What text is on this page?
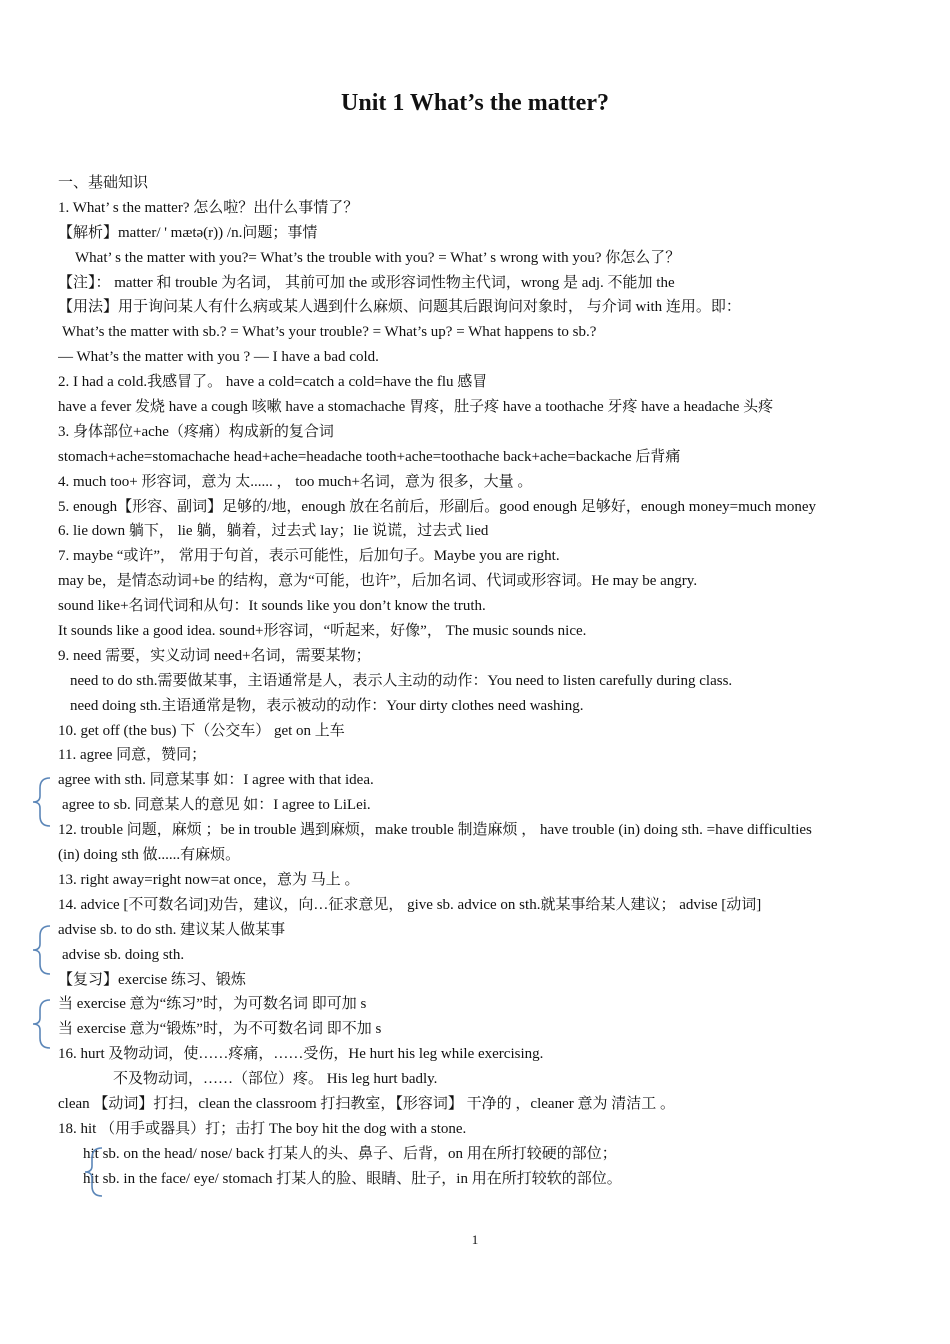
Unit 1 What’s the matter?
一、基础知识
1. What’ s the matter? 怎么啦？出什么事情了？
【解析】matter/ ' mætə(r)) /n.问题；事情
What’ s the matter with you?= What’s the trouble with you? = What’ s wrong with you? 你怎么了？
【注】： matter 和 trouble 为名词， 其前可加 the 或形容词性物主代词，wrong 是 adj. 不能加 the
【用法】用于询问某人有什么病或某人遇到什么麻烦、问题其后跟询问对象时， 与介词 with 连用。即：
What’s the matter with sb.? = What’s your trouble? = What’s up? = What happens to sb.?
— What’s the matter with you ? — I have a bad cold.
2. I had a cold.我感冒了。 have a cold=catch a cold=have the flu 感冒
have a fever 发烧 have a cough 咳嗽 have a stomachache 胃疼，肚子疼 have a toothache 牙疼 have a headache 头疼
3. 身体部位+ache（疼痛）构成新的复合词
stomach+ache=stomachache head+ache=headache tooth+ache=toothache back+ache=backache 后背痛
4. much too+ 形容词，意为 太...... ， too much+名词，意为 很多，大量 。
5. enough【形容、副词】足够的/地，enough 放在名前后，形副后。good enough 足够好，enough money=much money
6. lie down 躺下， lie 躺，躺着，过去式 lay；lie 说谎，过去式 lied
7. maybe “或许”， 常用于句首，表示可能性，后加句子。Maybe you are right.
may be，是情态动词+be 的结构，意为“可能，也许”，后加名词、代词或形容词。He may be angry.
sound like+名词代词和从句：It sounds like you don’t know the truth.
It sounds like a good idea. sound+形容词，“听起来，好像”， The music sounds nice.
9. need 需要，实义动词 need+名词，需要某物；
need to do sth.需要做某事，主语通常是人，表示人主动的动作：You need to listen carefully during class.
need doing sth.主语通常是物，表示被动的动作：Your dirty clothes need washing.
10. get off (the bus) 下（公交车） get on 上车
11. agree 同意，赞同；
agree with sth. 同意某事 如：I agree with that idea.
agree to sb. 同意某人的意见 如：I agree to LiLei.
12. trouble 问题，麻烦 ；be in trouble 遇到麻烦，make trouble 制造麻烦 ， have trouble (in) doing sth. =have difficulties
(in) doing sth 做......有麻烦。
13. right away=right now=at once，意为 马上 。
14. advice [不可数名词]劝告，建议，向…征求意见， give sb. advice on sth.就某事给某人建议； advise [动词]
advise sb. to do sth. 建议某人做某事
advise sb. doing sth.
【复习】exercise 练习、锻炼
当 exercise 意为“练习”时，为可数名词 即可加 s
当 exercise 意为“锻炼”时，为不可数名词 即不加 s
16. hurt 及物动词，使……疼痛，……受伤，He hurt his leg while exercising.
不及物动词，……（部位）疼。 His leg hurt badly.
clean 【动词】打扫，clean the classroom 打扫教室，【形容词】 干净的 ，cleaner 意为 清洁工 。
18. hit （用手或器具）打；击打 The boy hit the dog with a stone.
hit sb. on the head/ nose/ back 打某人的头、鼻子、后背，on 用在所打较硬的部位；
hit sb. in the face/ eye/ stomach 打某人的脸、眼睛、肚子，in 用在所打较软的部位。
1
